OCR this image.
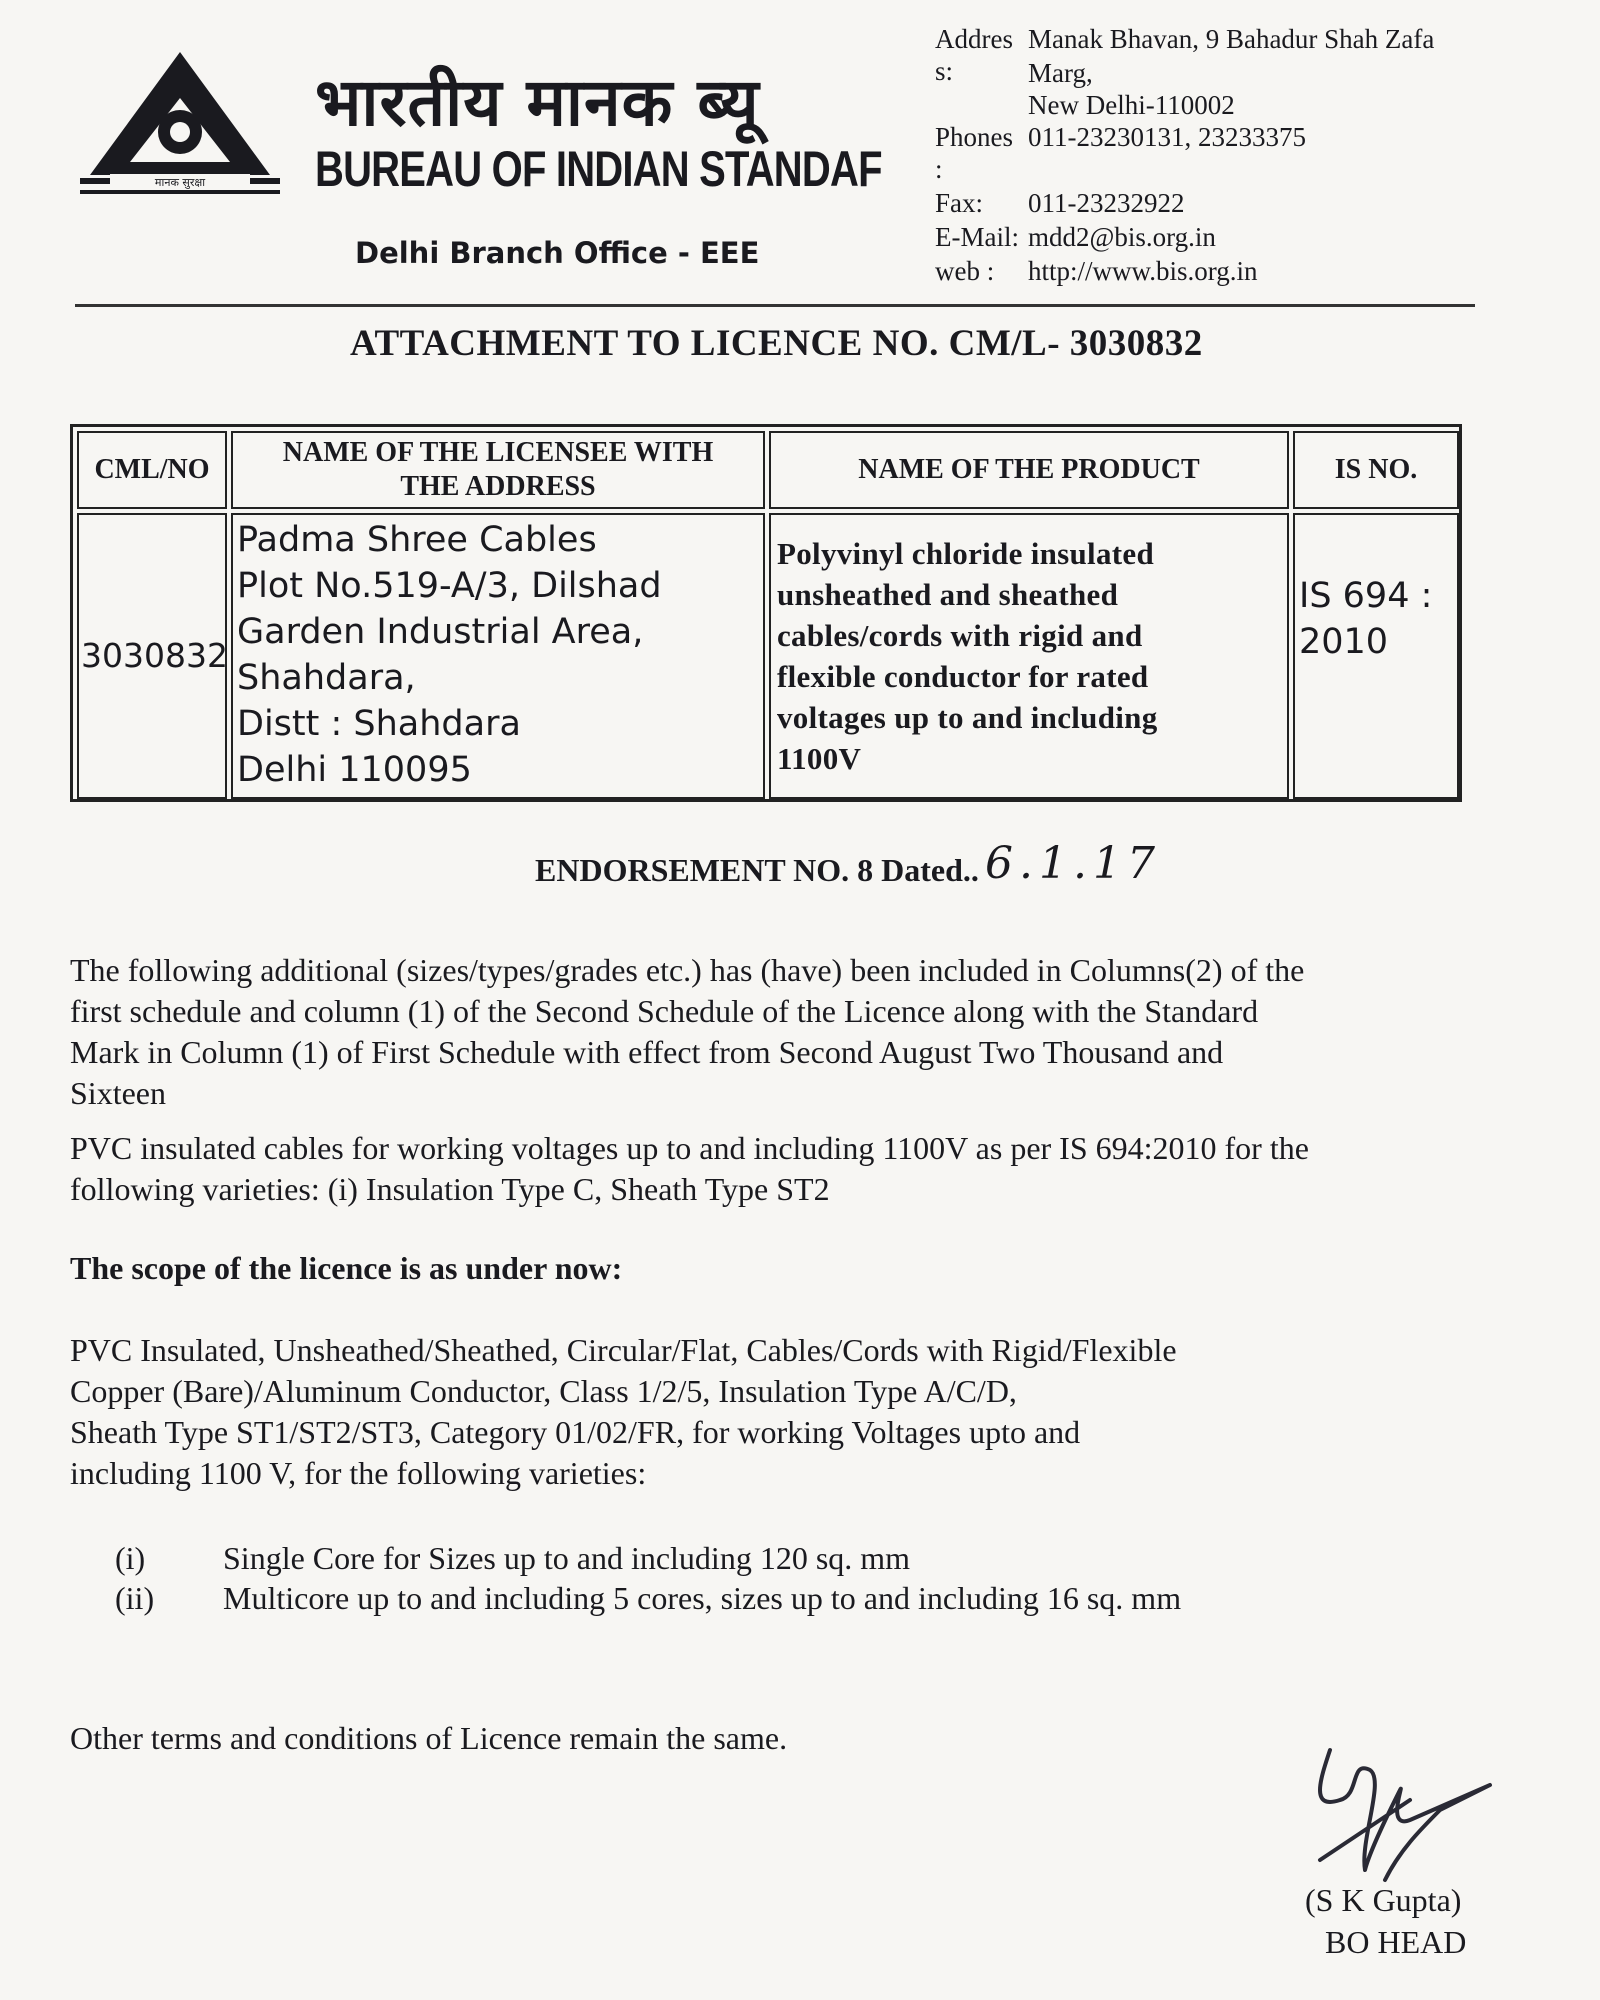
मानक सुरक्षा
भारतीय मानक ब्यू
BUREAU OF INDIAN STANDAF
Delhi Branch Office - EEE
Addres
s:
Manak Bhavan, 9 Bahadur Shah Zafa
Marg,
New Delhi-110002
Phones
:
011-23230131, 23233375
Fax: 011-23232922
E-Mail: mdd2@bis.org.in
web : http://www.bis.org.in
ATTACHMENT TO LICENCE NO. CM/L- 3030832
CML/NO
NAME OF THE LICENSEE WITH THE ADDRESS
NAME OF THE PRODUCT	IS NO.
3030832
Padma Shree Cables
Plot No.519-A/3, Dilshad
Garden Industrial Area,
Shahdara,
Distt : Shahdara
Delhi 110095
Polyvinyl chloride insulated
unsheathed and sheathed
cables/cords with rigid and
flexible conductor for rated
voltages up to and including
1100V
IS 694 :
2010
ENDORSEMENT NO. 8 Dated.. 6.1.17
The following additional (sizes/types/grades etc.) has (have) been included in Columns(2) of the
first schedule and column (1) of the Second Schedule of the Licence along with the Standard
Mark in Column (1) of First Schedule with effect from Second August Two Thousand and
Sixteen
PVC insulated cables for working voltages up to and including 1100V as per IS 694:2010 for the
following varieties: (i) Insulation Type C, Sheath Type ST2
The scope of the licence is as under now:
PVC Insulated, Unsheathed/Sheathed, Circular/Flat, Cables/Cords with Rigid/Flexible
Copper (Bare)/Aluminum Conductor, Class 1/2/5, Insulation Type A/C/D,
Sheath Type ST1/ST2/ST3, Category 01/02/FR, for working Voltages upto and
including 1100 V, for the following varieties:
(i) Single Core for Sizes up to and including 120 sq. mm
(ii) Multicore up to and including 5 cores, sizes up to and including 16 sq. mm
Other terms and conditions of Licence remain the same.
(S K Gupta)
BO HEAD
